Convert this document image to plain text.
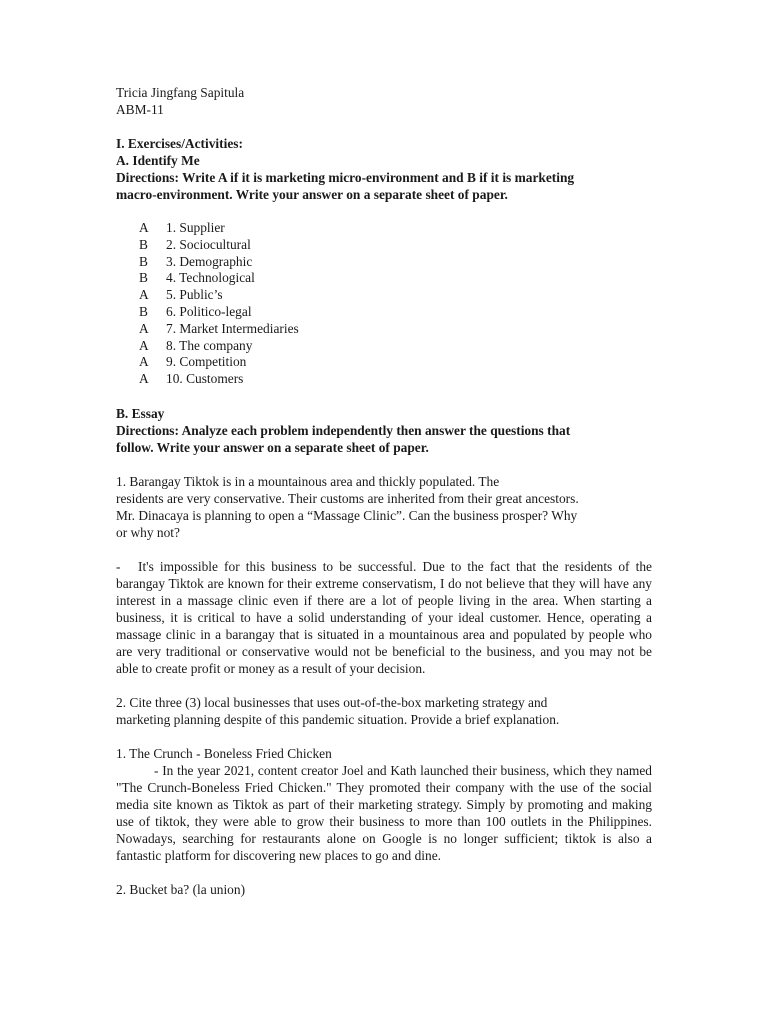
Tricia Jingfang Sapitula
ABM-11
I. Exercises/Activities:
A. Identify Me
Directions: Write A if it is marketing micro-environment and B if it is marketing
macro-environment. Write your answer on a separate sheet of paper.
A	1. Supplier
B	2. Sociocultural
B	3. Demographic
B	4. Technological
A	5. Public’s
B	6. Politico-legal
A	7. Market Intermediaries
A	8. The company
A	9. Competition
A	10. Customers
B. Essay
Directions: Analyze each problem independently then answer the questions that
follow. Write your answer on a separate sheet of paper.
1. Barangay Tiktok is in a mountainous area and thickly populated. The
residents are very conservative. Their customs are inherited from their great ancestors.
Mr. Dinacaya is planning to open a “Massage Clinic”. Can the business prosper? Why
or why not?
- It's impossible for this business to be successful. Due to the fact that the residents of the barangay Tiktok are known for their extreme conservatism, I do not believe that they will have any interest in a massage clinic even if there are a lot of people living in the area. When starting a business, it is critical to have a solid understanding of your ideal customer. Hence, operating a massage clinic in a barangay that is situated in a mountainous area and populated by people who are very traditional or conservative would not be beneficial to the business, and you may not be able to create profit or money as a result of your decision.
2. Cite three (3) local businesses that uses out-of-the-box marketing strategy and
marketing planning despite of this pandemic situation. Provide a brief explanation.
1. The Crunch - Boneless Fried Chicken
- In the year 2021, content creator Joel and Kath launched their business, which they named "The Crunch-Boneless Fried Chicken." They promoted their company with the use of the social media site known as Tiktok as part of their marketing strategy. Simply by promoting and making use of tiktok, they were able to grow their business to more than 100 outlets in the Philippines. Nowadays, searching for restaurants alone on Google is no longer sufficient; tiktok is also a fantastic platform for discovering new places to go and dine.
2. Bucket ba? (la union)
